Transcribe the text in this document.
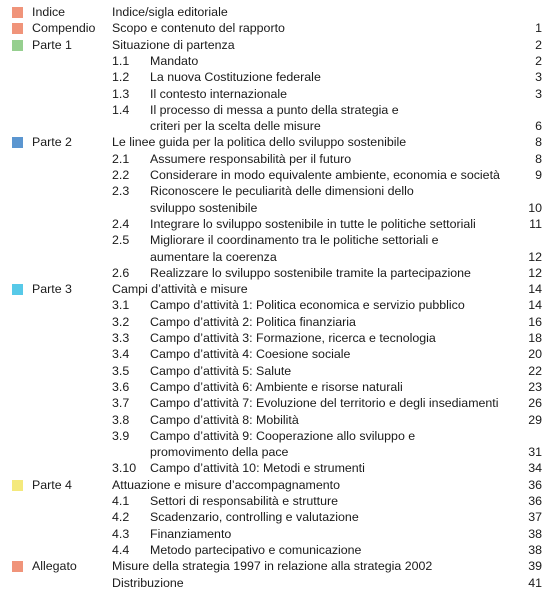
Indice	Indice/sigla editoriale
Compendio Scopo e contenuto del rapporto	1
Parte 1	Situazione di partenza	2
1.1 Mandato	2
1.2 La nuova Costituzione federale	3
1.3 Il contesto internazionale	3
1.4 Il processo di messa a punto della strategia e
criteri per la scelta delle misure	6
Parte 2	Le linee guida per la politica dello sviluppo sostenibile	8
2.1 Assumere responsabilità per il futuro	8
2.2 Considerare in modo equivalente ambiente, economia e società	9
2.3 Riconoscere le peculiarità delle dimensioni dello
sviluppo sostenibile	10
2.4 Integrare lo sviluppo sostenibile in tutte le politiche settoriali	11
2.5 Migliorare il coordinamento tra le politiche settoriali e
aumentare la coerenza	12
2.6 Realizzare lo sviluppo sostenibile tramite la partecipazione	12
Parte 3	Campi d’attività e misure	14
3.1 Campo d’attività 1: Politica economica e servizio pubblico	14
3.2 Campo d’attività 2: Politica finanziaria	16
3.3 Campo d’attività 3: Formazione, ricerca e tecnologia	18
3.4 Campo d’attività 4: Coesione sociale	20
3.5 Campo d’attività 5: Salute	22
3.6 Campo d’attività 6: Ambiente e risorse naturali	23
3.7 Campo d’attività 7: Evoluzione del territorio e degli insediamenti 26
3.8 Campo d’attività 8: Mobilità	29
3.9 Campo d’attività 9: Cooperazione allo sviluppo e
promovimento della pace	31
3.10 Campo d’attività 10: Metodi e strumenti	34
Parte 4	Attuazione e misure d’accompagnamento	36
4.1 Settori di responsabilità e strutture	36
4.2 Scadenzario, controlling e valutazione	37
4.3 Finanziamento	38
4.4 Metodo partecipativo e comunicazione	38
Allegato	Misure della strategia 1997 in relazione alla strategia 2002	39
Distribuzione	41
